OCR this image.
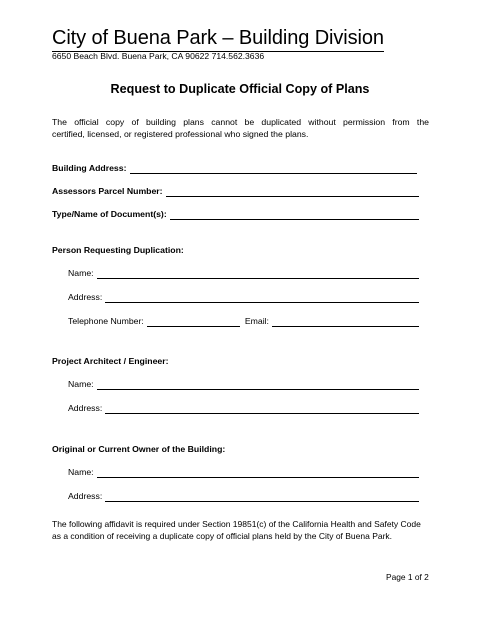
City of Buena Park – Building Division
6650 Beach Blvd. Buena Park, CA 90622 714.562.3636
Request to Duplicate Official Copy of Plans
The official copy of building plans cannot be duplicated without permission from the
certified, licensed, or registered professional who signed the plans.
Building Address:
Assessors Parcel Number:
Type/Name of Document(s):
Person Requesting Duplication:
Name:
Address:
Telephone Number:	Email:
Project Architect / Engineer:
Name:
Address:
Original or Current Owner of the Building:
Name:
Address:
The following affidavit is required under Section 19851(c) of the California Health and Safety Code as a condition of receiving a duplicate copy of official plans held by the City of Buena Park.
Page 1 of 2
